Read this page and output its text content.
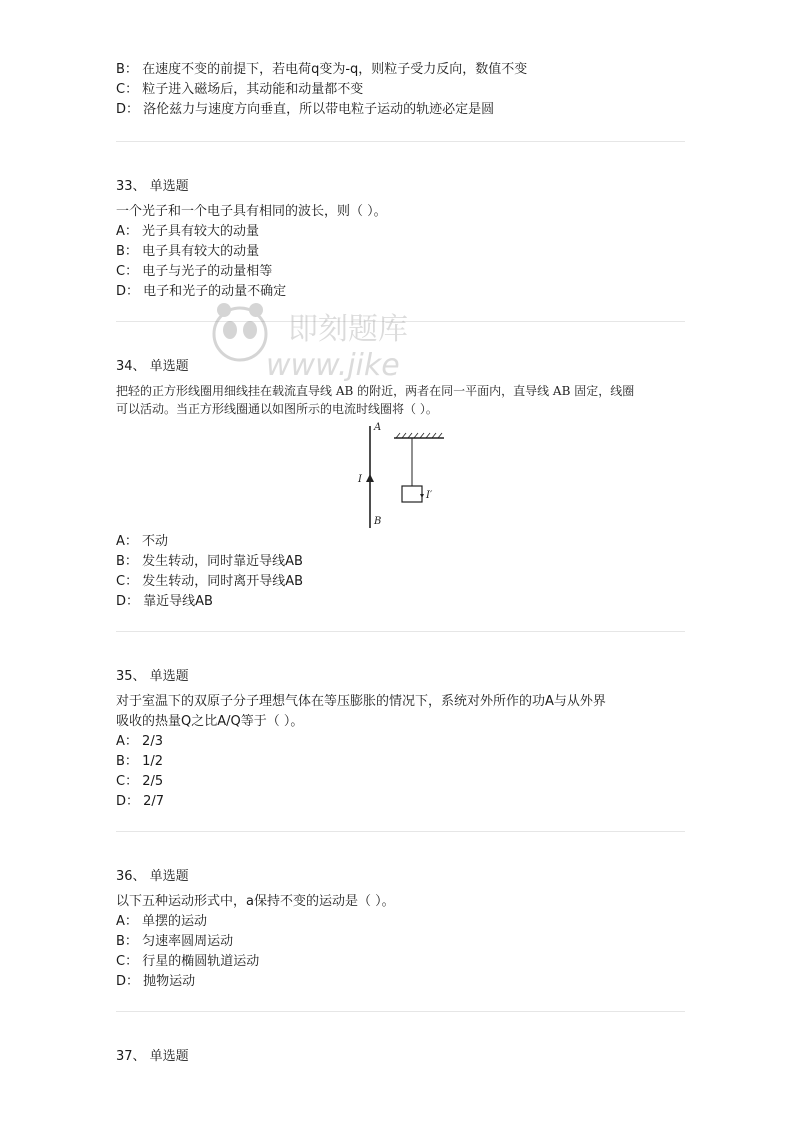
B： 在速度不变的前提下，若电荷q变为-q，则粒子受力反向，数值不变
C： 粒子进入磁场后，其动能和动量都不变
D： 洛伦兹力与速度方向垂直，所以带电粒子运动的轨迹必定是圆
33、 单选题
一个光子和一个电子具有相同的波长，则（ ）。
A： 光子具有较大的动量
B： 电子具有较大的动量
C： 电子与光子的动量相等
D： 电子和光子的动量不确定
即刻题库
www.jike
34、 单选题
把轻的正方形线圈用细线挂在载流直导线 AB 的附近，两者在同一平面内，直导线 AB 固定，线圈
可以活动。当正方形线圈通以如图所示的电流时线圈将（ ）。
A
B
I
I′
A： 不动
B： 发生转动，同时靠近导线AB
C： 发生转动，同时离开导线AB
D： 靠近导线AB
35、 单选题
对于室温下的双原子分子理想气体在等压膨胀的情况下，系统对外所作的功A与从外界
吸收的热量Q之比A/Q等于（ ）。
A： 2/3
B： 1/2
C： 2/5
D： 2/7
36、 单选题
以下五种运动形式中，a保持不变的运动是（ ）。
A： 单摆的运动
B： 匀速率圆周运动
C： 行星的椭圆轨道运动
D： 抛物运动
37、 单选题
